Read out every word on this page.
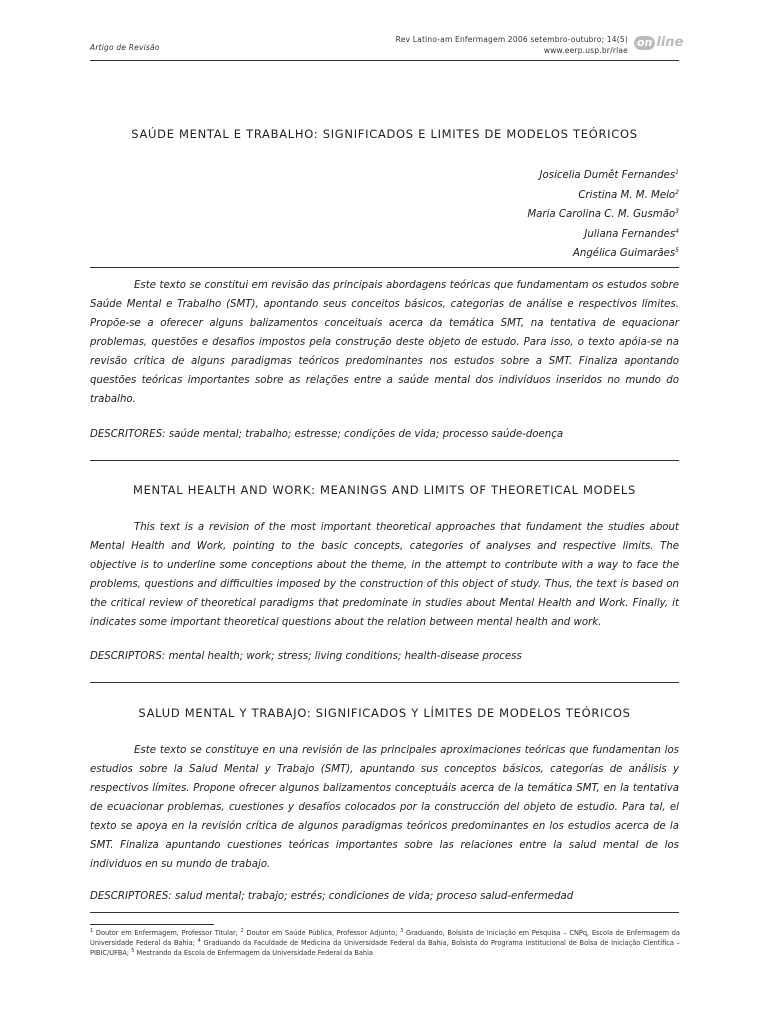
Artigo de Revisão
Rev Latino-am Enfermagem 2006 setembro-outubro; 14(5)
www.eerp.usp.br/rlae
on line
SAÚDE MENTAL E TRABALHO: SIGNIFICADOS E LIMITES DE MODELOS TEÓRICOS
Josicelia Dumêt Fernandes$^1$
Cristina M. M. Melo$^2$
Maria Carolina C. M. Gusmão$^3$
Juliana Fernandes$^4$
Angélica Guimarães$^5$

Este texto se constitui em revisão das principais abordagens teóricas que fundamentam os estudos sobre Saúde Mental e Trabalho (SMT), apontando seus conceitos básicos, categorias de análise e respectivos limites. Propõe-se a oferecer alguns balizamentos conceituais acerca da temática SMT, na tentativa de equacionar problemas, questões e desafios impostos pela construção deste objeto de estudo. Para isso, o texto apóia-se na revisão crítica de alguns paradigmas teóricos predominantes nos estudos sobre a SMT. Finaliza apontando questões teóricas importantes sobre as relações entre a saúde mental dos indivíduos inseridos no mundo do trabalho.

DESCRITORES: saúde mental; trabalho; estresse; condições de vida; processo saúde-doença
MENTAL HEALTH AND WORK: MEANINGS AND LIMITS OF THEORETICAL MODELS

This text is a revision of the most important theoretical approaches that fundament the studies about Mental Health and Work, pointing to the basic concepts, categories of analyses and respective limits. The objective is to underline some conceptions about the theme, in the attempt to contribute with a way to face the problems, questions and difficulties imposed by the construction of this object of study. Thus, the text is based on the critical review of theoretical paradigms that predominate in studies about Mental Health and Work. Finally, it indicates some important theoretical questions about the relation between mental health and work.

DESCRIPTORS: mental health; work; stress; living conditions; health-disease process
SALUD MENTAL Y TRABAJO: SIGNIFICADOS Y LÍMITES DE MODELOS TEÓRICOS

Este texto se constituye en una revisión de las principales aproximaciones teóricas que fundamentan los estudios sobre la Salud Mental y Trabajo (SMT), apuntando sus conceptos básicos, categorías de análisis y respectivos límites. Propone ofrecer algunos balizamentos conceptuáis acerca de la temática SMT, en la tentativa de ecuacionar problemas, cuestiones y desafíos colocados por la construcción del objeto de estudio. Para tal, el texto se apoya en la revisión crítica de algunos paradigmas teóricos predominantes en los estudios acerca de la SMT. Finaliza apuntando cuestiones teóricas importantes sobre las relaciones entre la salud mental de los individuos en su mundo de trabajo.

DESCRIPTORES: salud mental; trabajo; estrés; condiciones de vida; proceso salud-enfermedad
$^1$ Doutor em Enfermagem, Professor Titular; $^2$ Doutor em Saúde Pública, Professor Adjunto; $^3$ Graduando, Bolsista de Iniciação em Pesquisa – CNPq, Escola de Enfermagem da Universidade Federal da Bahia; $^4$ Graduando da Faculdade de Medicina da Universidade Federal da Bahia, Bolsista do Programa Institucional de Bolsa de Iniciação Científica – PIBIC/UFBA; $^5$ Mestrando da Escola de Enfermagem da Universidade Federal da Bahia
